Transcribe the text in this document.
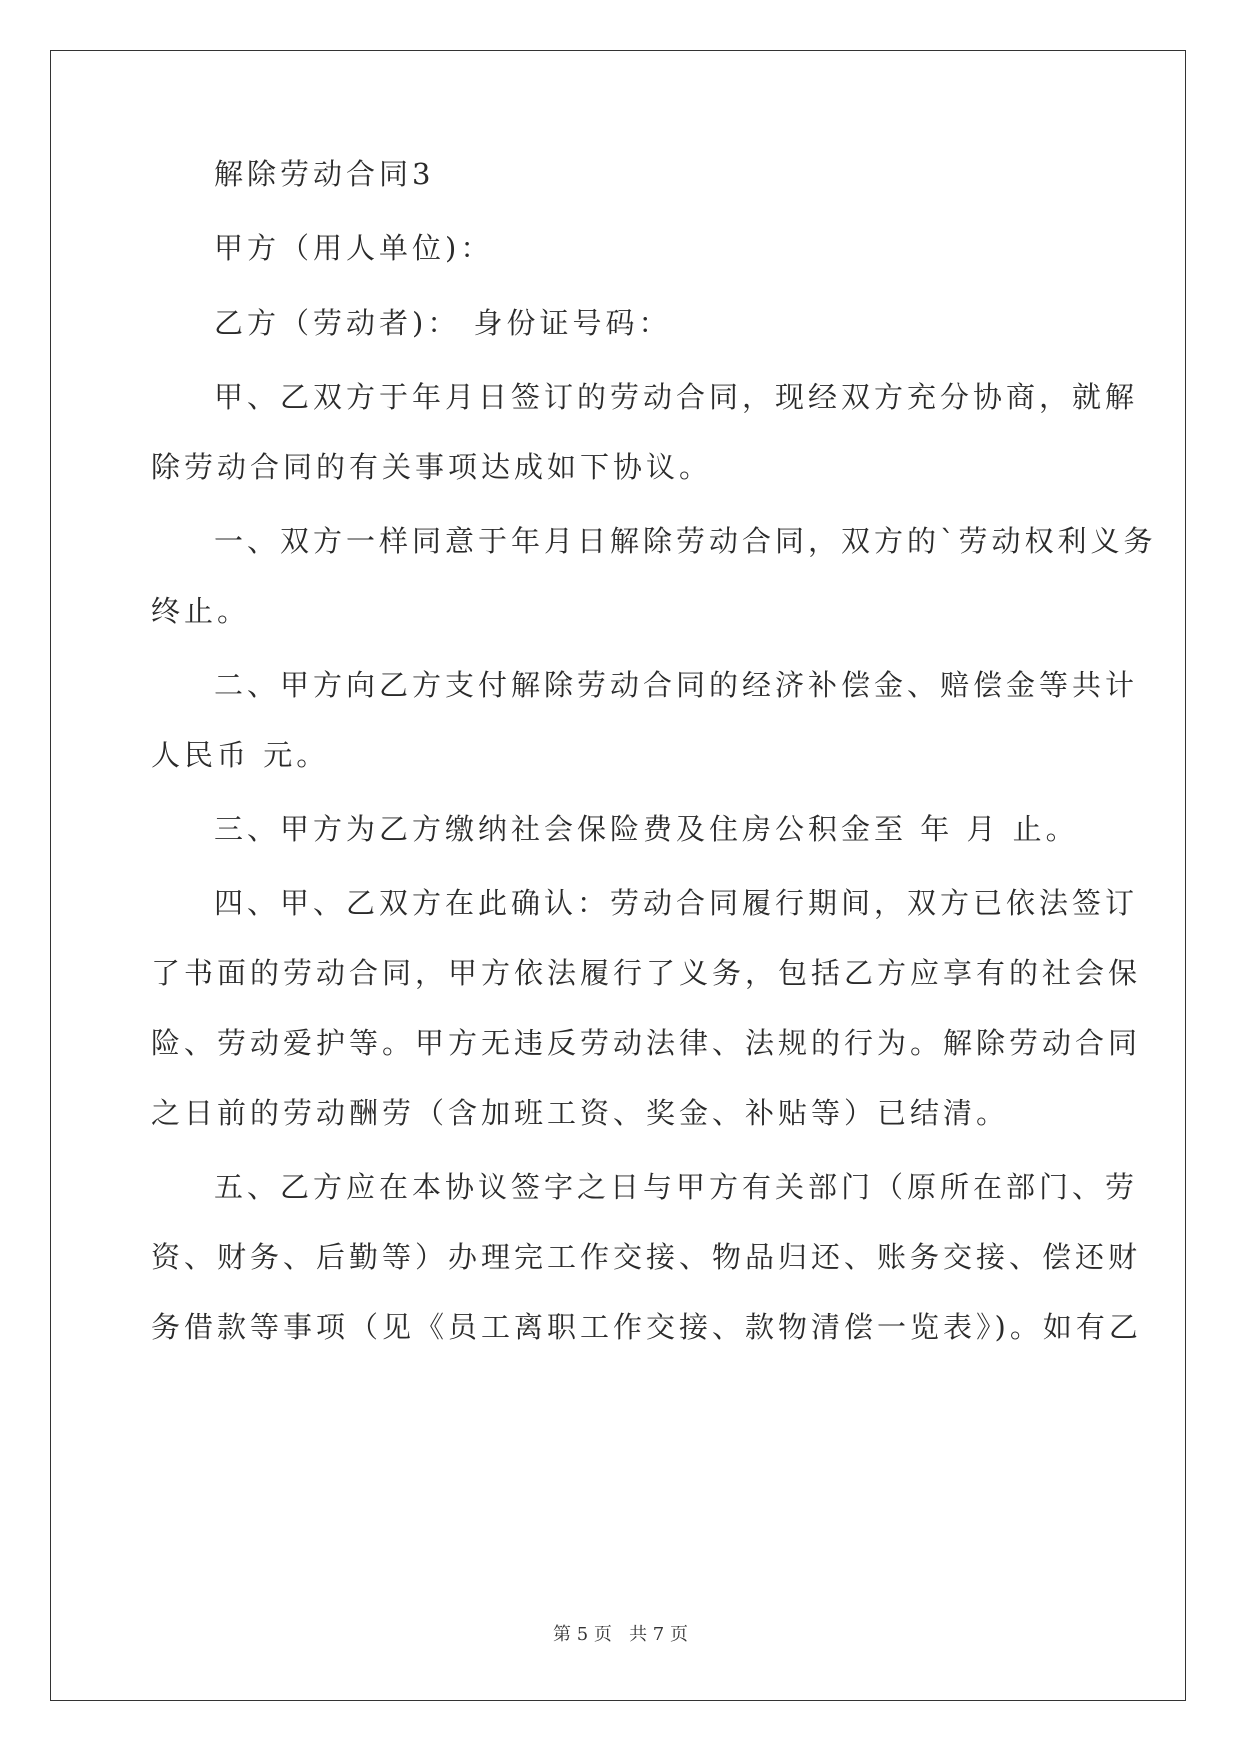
解除劳动合同3
甲方（用人单位)：
乙方（劳动者)： 身份证号码：
甲、乙双方于年月日签订的劳动合同，现经双方充分协商，就解
除劳动合同的有关事项达成如下协议。
一、双方一样同意于年月日解除劳动合同，双方的`劳动权利义务
终止。
二、甲方向乙方支付解除劳动合同的经济补偿金、赔偿金等共计
人民币 元。
三、甲方为乙方缴纳社会保险费及住房公积金至 年 月 止。
四、甲、乙双方在此确认：劳动合同履行期间，双方已依法签订
了书面的劳动合同，甲方依法履行了义务，包括乙方应享有的社会保
险、劳动爱护等。甲方无违反劳动法律、法规的行为。解除劳动合同
之日前的劳动酬劳（含加班工资、奖金、补贴等）已结清。
五、乙方应在本协议签字之日与甲方有关部门（原所在部门、劳
资、财务、后勤等）办理完工作交接、物品归还、账务交接、偿还财
务借款等事项（见《员工离职工作交接、款物清偿一览表》)。如有乙
第 5 页   共 7 页
